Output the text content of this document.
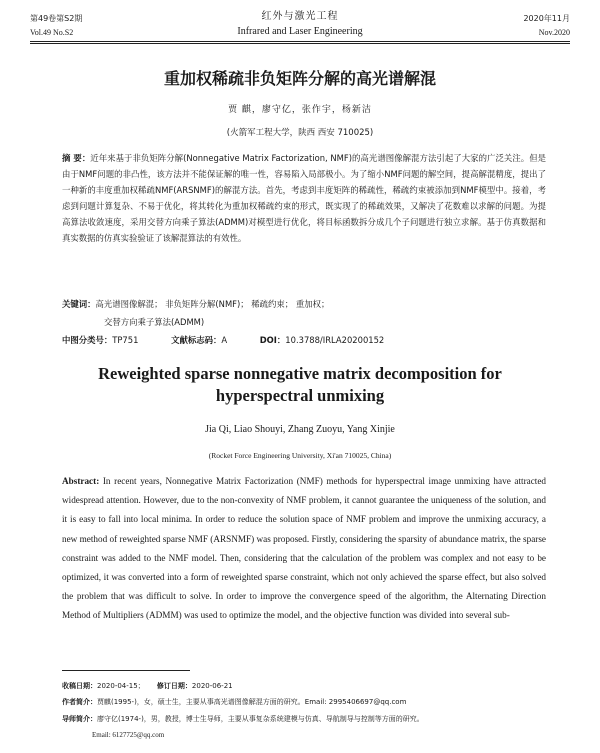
第49卷第S2期	红外与激光工程	2020年11月
Vol.49 No.S2	Infrared and Laser Engineering	Nov.2020
重加权稀疏非负矩阵分解的高光谱解混
贾 麒，廖守亿，张作宇，杨新洁
(火箭军工程大学，陕西 西安 710025)
摘 要：近年来基于非负矩阵分解(Nonnegative Matrix Factorization, NMF)的高光谱图像解混方法引起了大家的广泛关注。但是由于NMF问题的非凸性，该方法并不能保证解的唯一性，容易陷入局部极小。为了缩小NMF问题的解空间，提高解混精度，提出了一种新的丰度重加权稀疏NMF(ARSNMF)的解混方法。首先，考虑到丰度矩阵的稀疏性，稀疏约束被添加到NMF模型中。接着，考虑到问题计算复杂、不易于优化，将其转化为重加权稀疏约束的形式，既实现了的稀疏效果，又解决了花数难以求解的问题。为提高算法收敛速度，采用交替方向乘子算法(ADMM)对模型进行优化，将目标函数拆分成几个子问题进行独立求解。基于仿真数据和真实数据的仿真实验验证了该解混算法的有效性。
关键词：高光谱图像解混； 非负矩阵分解(NMF)； 稀疏约束； 重加权；
交替方向乘子算法(ADMM)
中图分类号：TP751	文献标志码：A	DOI：10.3788/IRLA20200152
Reweighted sparse nonnegative matrix decomposition for
hyperspectral unmixing
Jia Qi, Liao Shouyi, Zhang Zuoyu, Yang Xinjie
(Rocket Force Engineering University, Xi'an 710025, China)
Abstract: In recent years, Nonnegative Matrix Factorization (NMF) methods for hyperspectral image unmixing have attracted widespread attention. However, due to the non-convexity of NMF problem, it cannot guarantee the uniqueness of the solution, and it is easy to fall into local minima. In order to reduce the solution space of NMF problem and improve the unmixing accuracy, a new method of reweighted sparse NMF (ARSNMF) was proposed. Firstly, considering the sparsity of abundance matrix, the sparse constraint was added to the NMF model. Then, considering that the calculation of the problem was complex and not easy to be optimized, it was converted into a form of reweighted sparse constraint, which not only achieved the sparse effect, but also solved the problem that was difficult to solve. In order to improve the convergence speed of the algorithm, the Alternating Direction Method of Multipliers (ADMM) was used to optimize the model, and the objective function was divided into several sub-
收稿日期：2020-04-15； 修订日期：2020-06-21
作者简介：贾麒(1995-)，女，硕士生，主要从事高光谱图像解混方面的研究。Email: 2995406697@qq.com
导师简介：廖守亿(1974-)，男，教授，博士生导师，主要从事复杂系统建模与仿真、导航制导与控制等方面的研究。
Email: 6127725@qq.com
